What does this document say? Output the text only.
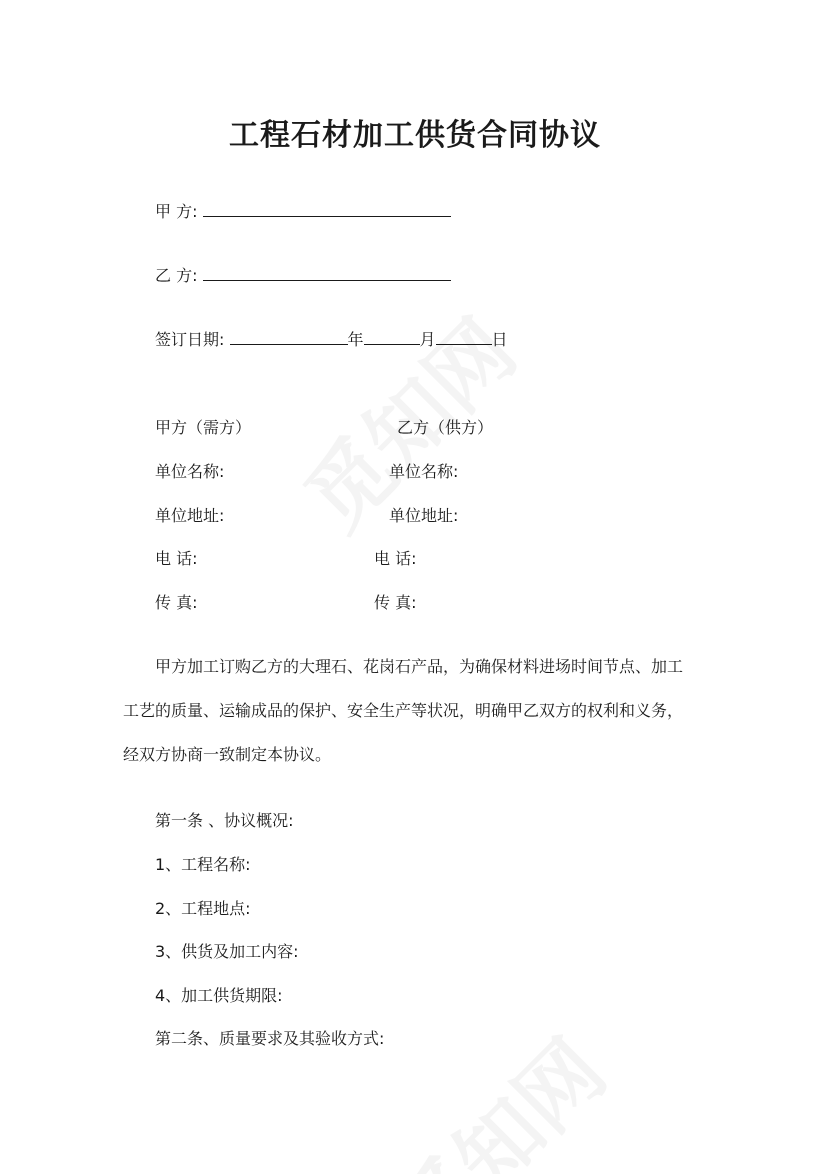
工程石材加工供货合同协议
甲 方:
乙 方:
签订日期:	年	月	日
甲方（需方）	乙方（供方）
单位名称:	单位名称:
单位地址:	单位地址:
电 话:	电 话:
传 真:	传 真:
甲方加工订购乙方的大理石、花岗石产品，为确保材料进场时间节点、加工
工艺的质量、运输成品的保护、安全生产等状况，明确甲乙双方的权利和义务，
经双方协商一致制定本协议。
第一条 、协议概况:
1、工程名称:
2、工程地点:
3、供货及加工内容:
4、加工供货期限:
第二条、质量要求及其验收方式:
